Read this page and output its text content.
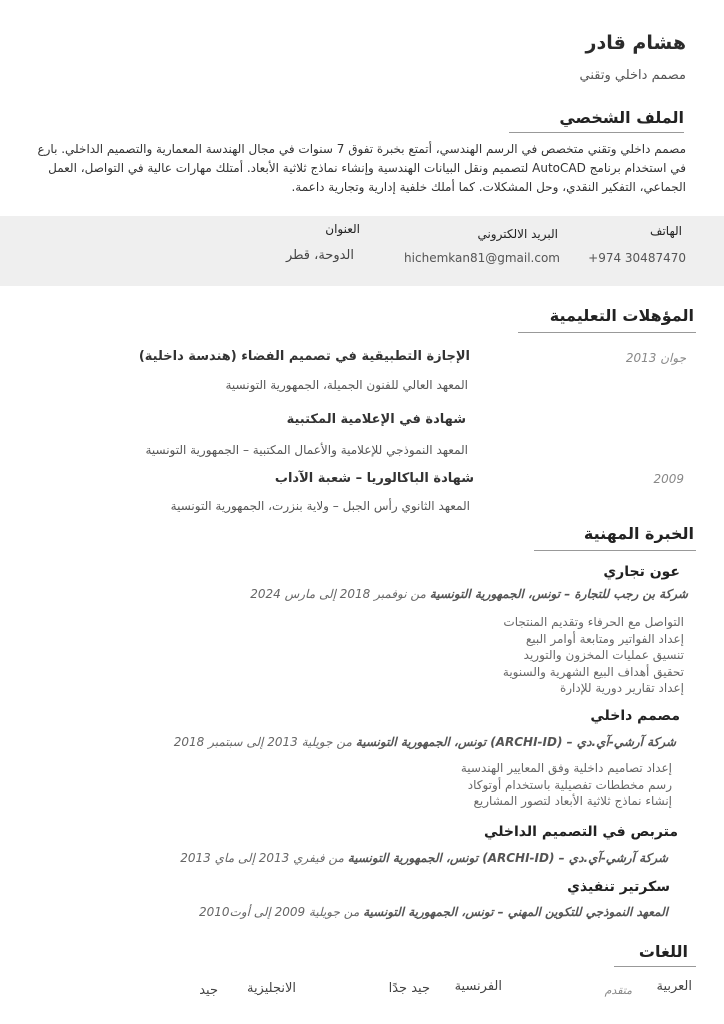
هشام قادر
مصمم داخلي وتقني
الملف الشخصي
مصمم داخلي وتقني متخصص في الرسم الهندسي، أتمتع بخبرة تفوق 7 سنوات في مجال الهندسة المعمارية والتصميم الداخلي. بارع في استخدام برنامج AutoCAD لتصميم ونقل البيانات الهندسية وإنشاء نماذج ثلاثية الأبعاد. أمتلك مهارات عالية في التواصل، العمل الجماعي، التفكير النقدي، وحل المشكلات. كما أملك خلفية إدارية وتجارية داعمة.
الهاتف
+974 30487470
البريد الالكتروني
hichemkan81@gmail.com
العنوان
الدوحة، قطر
المؤهلات التعليمية
جوان 2013
الإجازة التطبيقية في تصميم الفضاء (هندسة داخلية)
المعهد العالي للفنون الجميلة، الجمهورية التونسية
شهادة في الإعلامية المكتبية
المعهد النموذجي للإعلامية والأعمال المكتبية – الجمهورية التونسية
2009
شهادة الباكالوريا – شعبة الآداب
المعهد الثانوي رأس الجبل – ولاية بنزرت، الجمهورية التونسية
الخبرة المهنية
عون تجاري
شركة بن رجب للتجارة – تونس، الجمهورية التونسية من نوفمبر 2018 إلى مارس 2024
التواصل مع الحرفاء وتقديم المنتجات
إعداد الفواتير ومتابعة أوامر البيع
تنسيق عمليات المخزون والتوريد
تحقيق أهداف البيع الشهرية والسنوية
إعداد تقارير دورية للإدارة
مصمم داخلي
شركة آرشي-آي.دي – (ARCHI-ID) تونس، الجمهورية التونسية من جويلية 2013 إلى سبتمبر 2018
إعداد تصاميم داخلية وفق المعايير الهندسية
رسم مخططات تفصيلية باستخدام أوتوكاد
إنشاء نماذج ثلاثية الأبعاد لتصور المشاريع
متربص في التصميم الداخلي
شركة آرشي-آي.دي – (ARCHI-ID) تونس، الجمهورية التونسية من فيفري 2013 إلى ماي 2013
سكرتير تنفيذي
المعهد النموذجي للتكوين المهني – تونس، الجمهورية التونسية من جويلية 2009 إلى أوت2010
اللغات
العربية
متقدم
الفرنسية
جيد جدًا
الانجليزية
جيد
